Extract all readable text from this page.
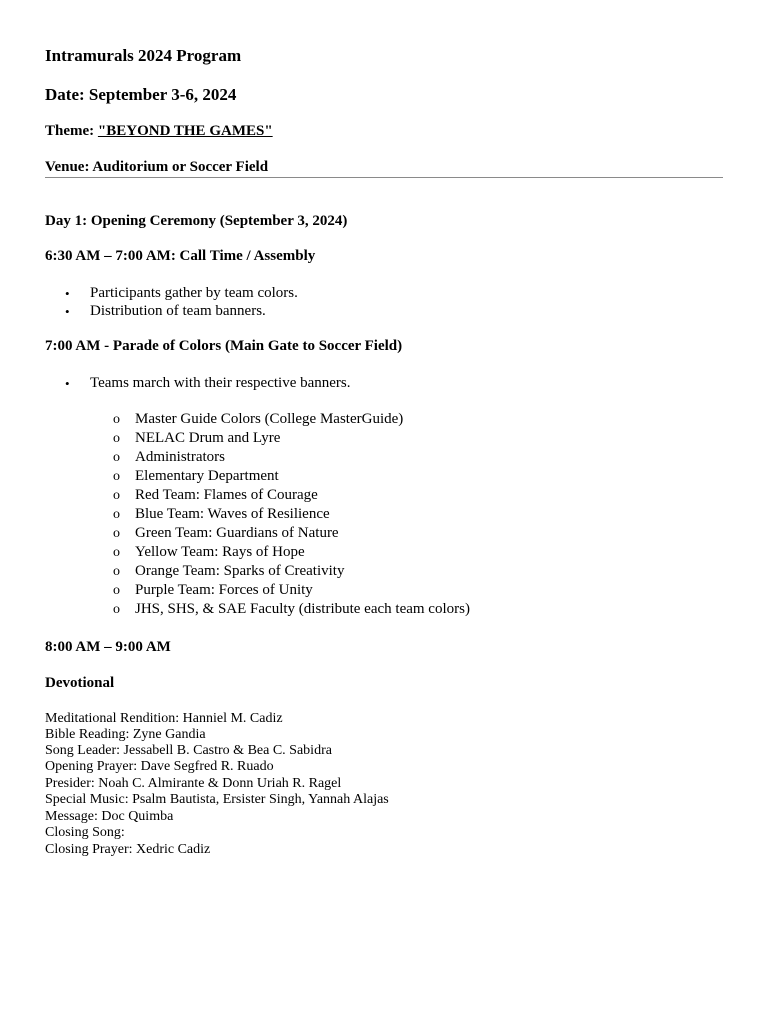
Intramurals 2024 Program
Date: September 3-6, 2024
Theme: "BEYOND THE GAMES"
Venue: Auditorium or Soccer Field
Day 1: Opening Ceremony (September 3, 2024)
6:30 AM – 7:00 AM: Call Time / Assembly
• Participants gather by team colors.
• Distribution of team banners.
7:00 AM - Parade of Colors (Main Gate to Soccer Field)
• Teams march with their respective banners.
o Master Guide Colors (College MasterGuide)
o NELAC Drum and Lyre
o Administrators
o Elementary Department
o Red Team: Flames of Courage
o Blue Team: Waves of Resilience
o Green Team: Guardians of Nature
o Yellow Team: Rays of Hope
o Orange Team: Sparks of Creativity
o Purple Team: Forces of Unity
o JHS, SHS, & SAE Faculty (distribute each team colors)
8:00 AM – 9:00 AM
Devotional
Meditational Rendition: Hanniel M. Cadiz
Bible Reading: Zyne Gandia
Song Leader: Jessabell B. Castro & Bea C. Sabidra
Opening Prayer: Dave Segfred R. Ruado
Presider: Noah C. Almirante & Donn Uriah R. Ragel
Special Music: Psalm Bautista, Ersister Singh, Yannah Alajas
Message: Doc Quimba
Closing Song:
Closing Prayer: Xedric Cadiz
